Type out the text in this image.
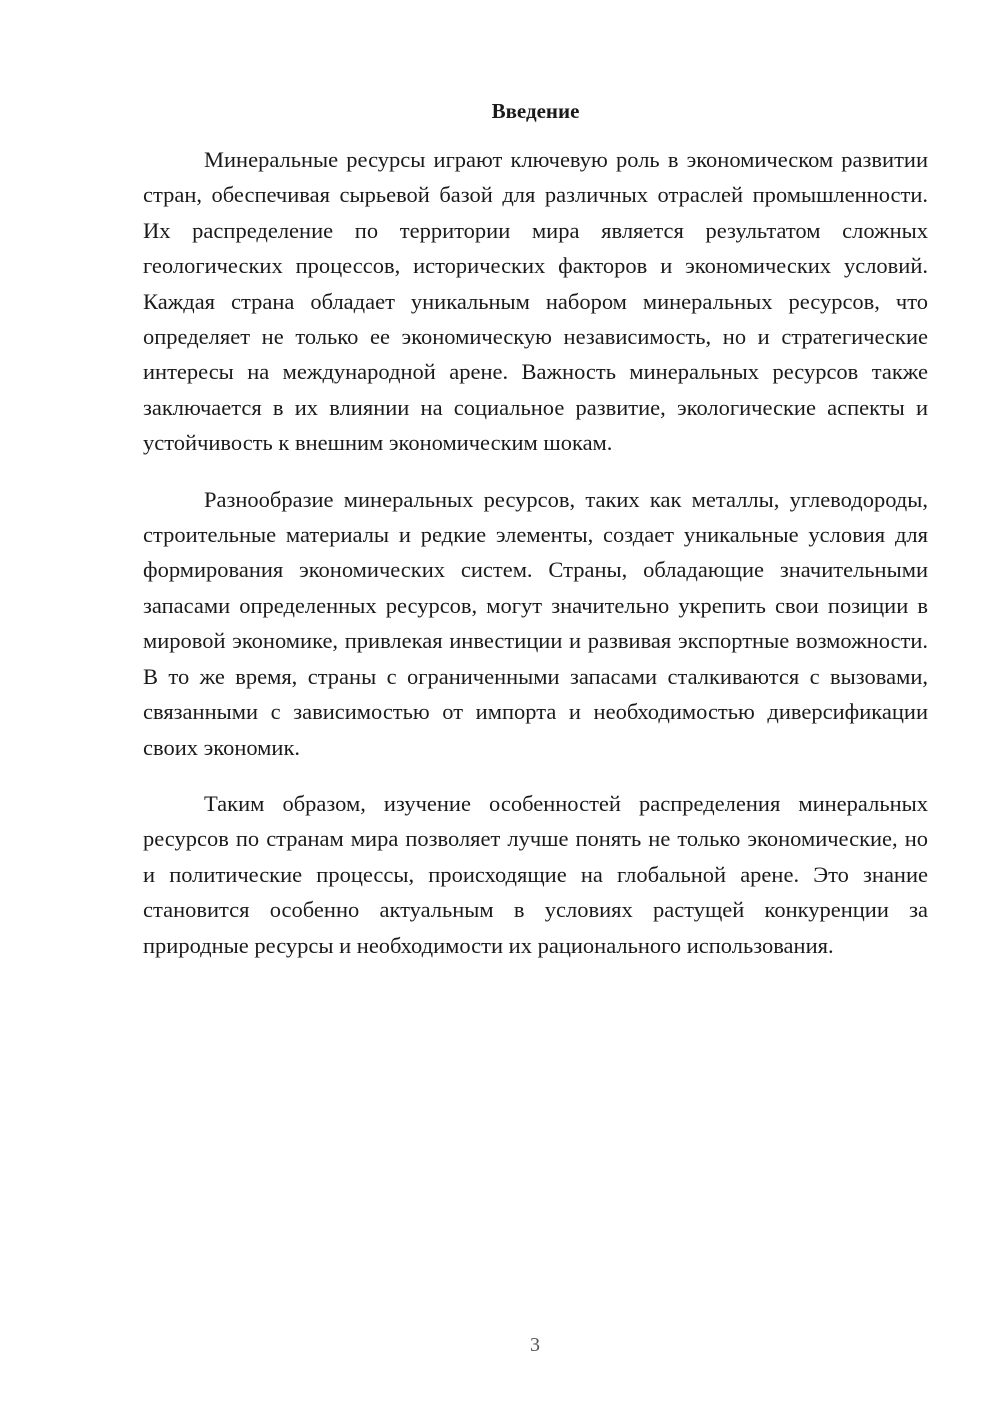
Введение

Минеральные ресурсы играют ключевую роль в экономическом развитии стран, обеспечивая сырьевой базой для различных отраслей промышленности. Их распределение по территории мира является результатом сложных геологических процессов, исторических факторов и экономических условий. Каждая страна обладает уникальным набором минеральных ресурсов, что определяет не только ее экономическую независимость, но и стратегические интересы на международной арене. Важность минеральных ресурсов также заключается в их влиянии на социальное развитие, экологические аспекты и устойчивость к внешним экономическим шокам.

Разнообразие минеральных ресурсов, таких как металлы, углеводороды, строительные материалы и редкие элементы, создает уникальные условия для формирования экономических систем. Страны, обладающие значительными запасами определенных ресурсов, могут значительно укрепить свои позиции в мировой экономике, привлекая инвестиции и развивая экспортные возможности. В то же время, страны с ограниченными запасами сталкиваются с вызовами, связанными с зависимостью от импорта и необходимостью диверсификации своих экономик.

Таким образом, изучение особенностей распределения минеральных ресурсов по странам мира позволяет лучше понять не только экономические, но и политические процессы, происходящие на глобальной арене. Это знание становится особенно актуальным в условиях растущей конкуренции за природные ресурсы и необходимости их рационального использования.

3
